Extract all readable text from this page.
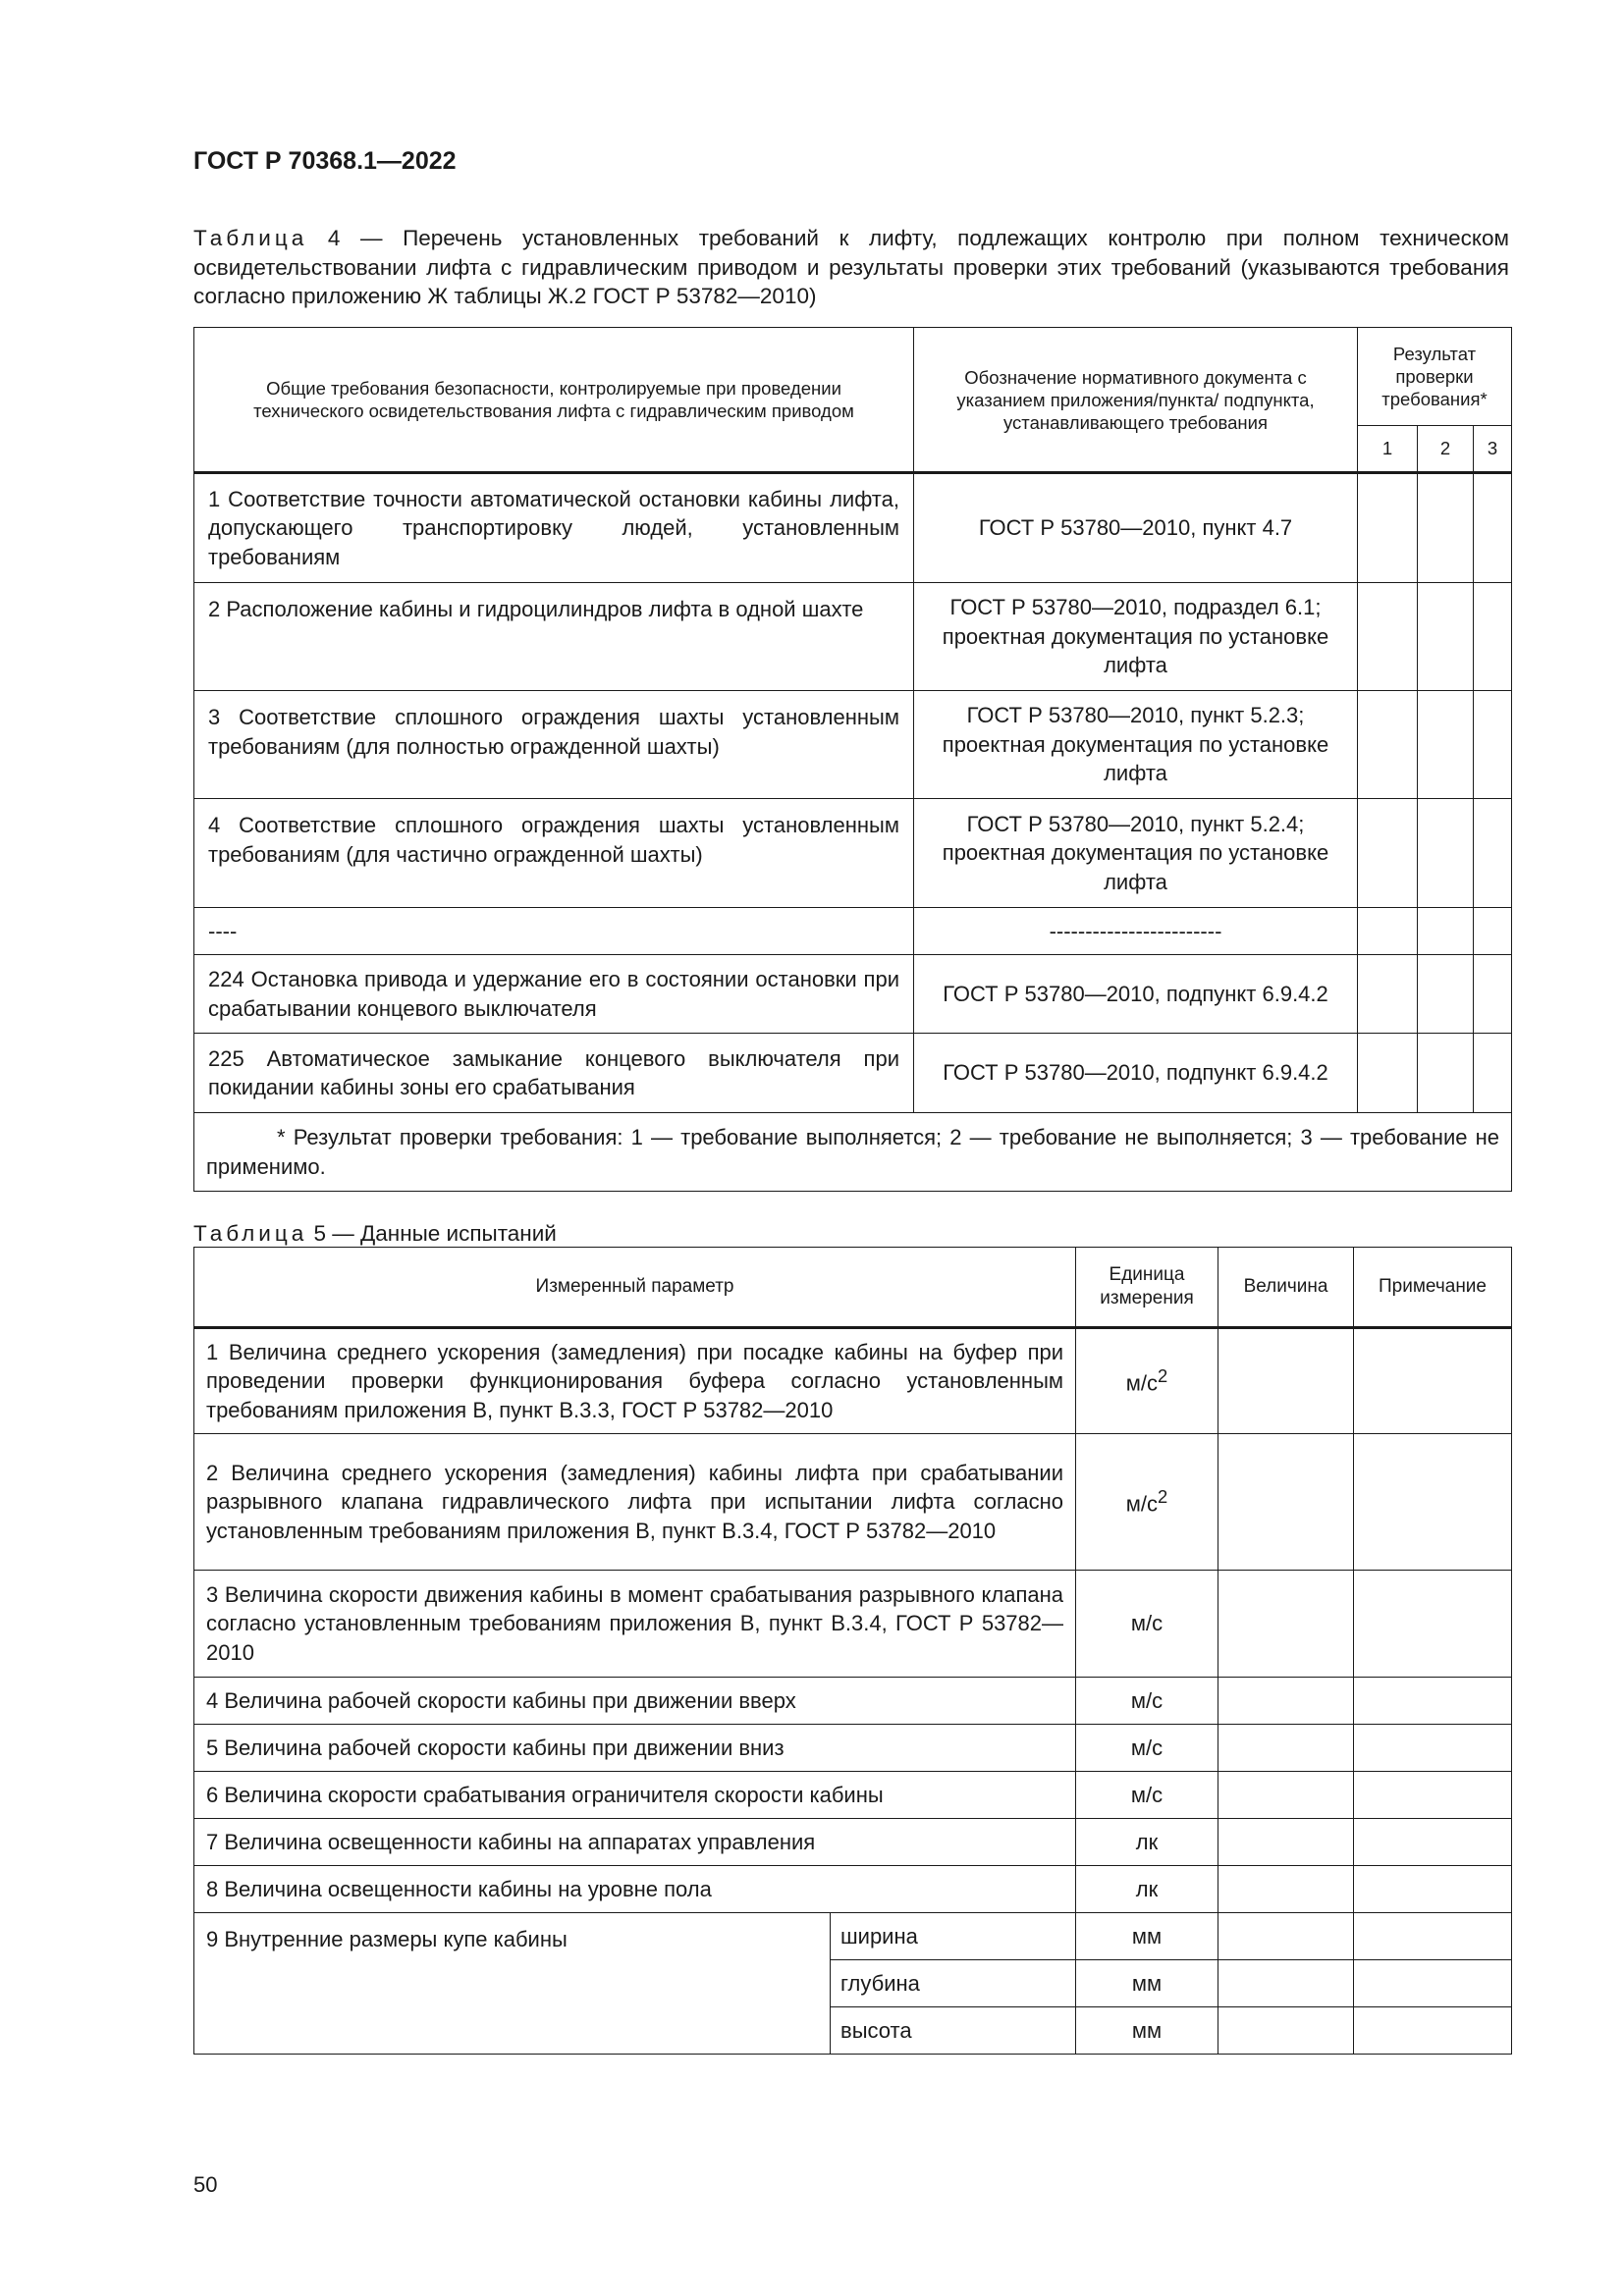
ГОСТ Р 70368.1—2022
Таблица 4 — Перечень установленных требований к лифту, подлежащих контролю при полном техническом освидетельствовании лифта с гидравлическим приводом и результаты проверки этих требований (указываются требования согласно приложению Ж таблицы Ж.2 ГОСТ Р 53782—2010)
Общие требования безопасности, контролируемые при проведении технического освидетельствования лифта с гидравлическим приводом	Обозначение нормативного документа с указанием приложения/пункта/ подпункта, устанавливающего требования	Результат проверки требования*		
		1	2	3
1 Соответствие точности автоматической остановки кабины лифта, допускающего транспортировку людей, установленным требованиям	ГОСТ Р 53780—2010, пункт 4.7			
2 Расположение кабины и гидроцилиндров лифта в одной шахте	ГОСТ Р 53780—2010, подраздел 6.1; проектная документация по установке лифта			
3 Соответствие сплошного ограждения шахты установленным требованиям (для полностью огражденной шахты)	ГОСТ Р 53780—2010, пункт 5.2.3; проектная документация по установке лифта			
4 Соответствие сплошного ограждения шахты установленным требованиям (для частично огражденной шахты)	ГОСТ Р 53780—2010, пункт 5.2.4; проектная документация по установке лифта			
----	------------------------			
224 Остановка привода и удержание его в состоянии остановки при срабатывании концевого выключателя	ГОСТ Р 53780—2010, подпункт 6.9.4.2			
225 Автоматическое замыкание концевого выключателя при покидании кабины зоны его срабатывания	ГОСТ Р 53780—2010, подпункт 6.9.4.2			

* Результат проверки требования: 1 — требование выполняется; 2 — требование не выполняется; 3 — требование не применимо.				
Таблица 5 — Данные испытаний
Измеренный параметр		Единица измерения	Величина	Примечание
1 Величина среднего ускорения (замедления) при посадке кабины на буфер при проведении проверки функционирования буфера согласно установленным требованиям приложения В, пункт В.3.3, ГОСТ Р 53782—2010		$м/с^2$		
2 Величина среднего ускорения (замедления) кабины лифта при срабатывании разрывного клапана гидравлического лифта при испытании лифта согласно установленным требованиям приложения В, пункт В.3.4, ГОСТ Р 53782—2010		$м/с^2$		
3 Величина скорости движения кабины в момент срабатывания разрывного клапана согласно установленным требованиям приложения В, пункт В.3.4, ГОСТ Р 53782—2010		м/с		
4 Величина рабочей скорости кабины при движении вверх		м/с		
5 Величина рабочей скорости кабины при движении вниз		м/с		
6 Величина скорости срабатывания ограничителя скорости кабины		м/с		
7 Величина освещенности кабины на аппаратах управления		лк		
8 Величина освещенности кабины на уровне пола		лк		
9 Внутренние размеры купе кабины	ширина	мм		
	глубина	мм		
	высота	мм		
50
